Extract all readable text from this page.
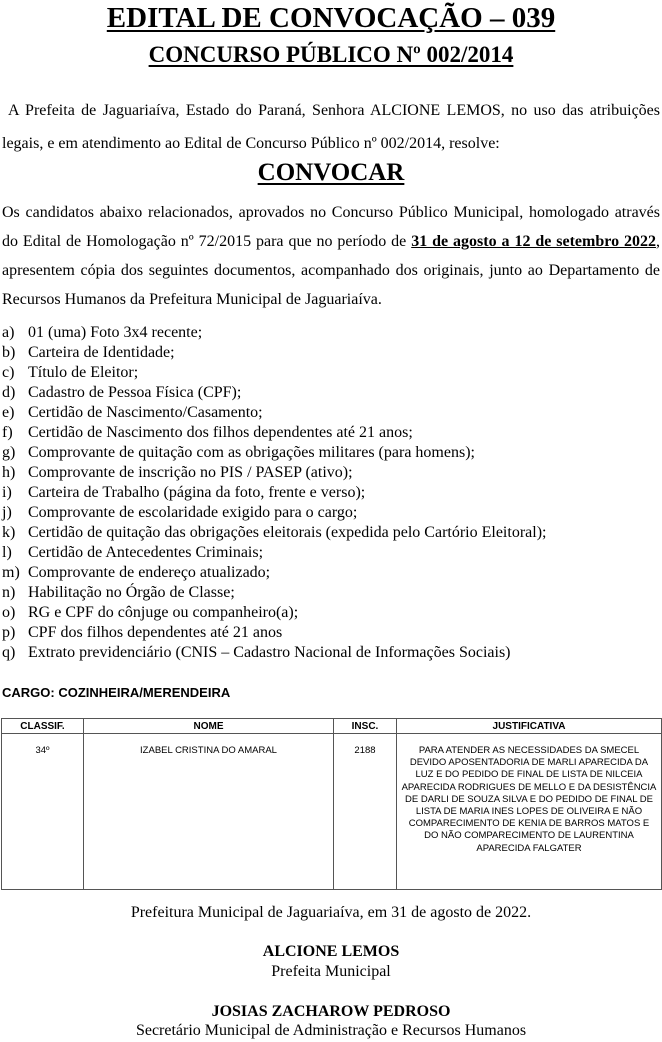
EDITAL DE CONVOCAÇÃO – 039
CONCURSO PÚBLICO Nº 002/2014

A Prefeita de Jaguariaíva, Estado do Paraná, Senhora ALCIONE LEMOS, no uso das atribuições legais, e em atendimento ao Edital de Concurso Público nº 002/2014, resolve:

CONVOCAR

Os candidatos abaixo relacionados, aprovados no Concurso Público Municipal, homologado através do Edital de Homologação nº 72/2015 para que no período de 31 de agosto a 12 de setembro 2022, apresentem cópia dos seguintes documentos, acompanhado dos originais, junto ao Departamento de Recursos Humanos da Prefeitura Municipal de Jaguariaíva.

a) 01 (uma) Foto 3x4 recente;
b) Carteira de Identidade;
c) Título de Eleitor;
d) Cadastro de Pessoa Física (CPF);
e) Certidão de Nascimento/Casamento;
f) Certidão de Nascimento dos filhos dependentes até 21 anos;
g) Comprovante de quitação com as obrigações militares (para homens);
h) Comprovante de inscrição no PIS / PASEP (ativo);
i) Carteira de Trabalho (página da foto, frente e verso);
j) Comprovante de escolaridade exigido para o cargo;
k) Certidão de quitação das obrigações eleitorais (expedida pelo Cartório Eleitoral);
l) Certidão de Antecedentes Criminais;
m) Comprovante de endereço atualizado;
n) Habilitação no Órgão de Classe;
o) RG e CPF do cônjuge ou companheiro(a);
p) CPF dos filhos dependentes até 21 anos
q) Extrato previdenciário (CNIS – Cadastro Nacional de Informações Sociais)
CARGO: COZINHEIRA/MERENDEIRA
CLASSIF.	NOME	INSC.	JUSTIFICATIVA
34º	IZABEL CRISTINA DO AMARAL	2188	PARA ATENDER AS NECESSIDADES DA SMECEL DEVIDO APOSENTADORIA DE MARLI APARECIDA DA LUZ E DO PEDIDO DE FINAL DE LISTA DE NILCEIA APARECIDA RODRIGUES DE MELLO E DA DESISTÊNCIA DE DARLI DE SOUZA SILVA E DO PEDIDO DE FINAL DE LISTA DE MARIA INES LOPES DE OLIVEIRA E NÃO COMPARECIMENTO DE KENIA DE BARROS MATOS E DO NÃO COMPARECIMENTO DE LAURENTINA APARECIDA FALGATER
Prefeitura Municipal de Jaguariaíva, em 31 de agosto de 2022.
ALCIONE LEMOS
Prefeita Municipal
JOSIAS ZACHAROW PEDROSO
Secretário Municipal de Administração e Recursos Humanos
